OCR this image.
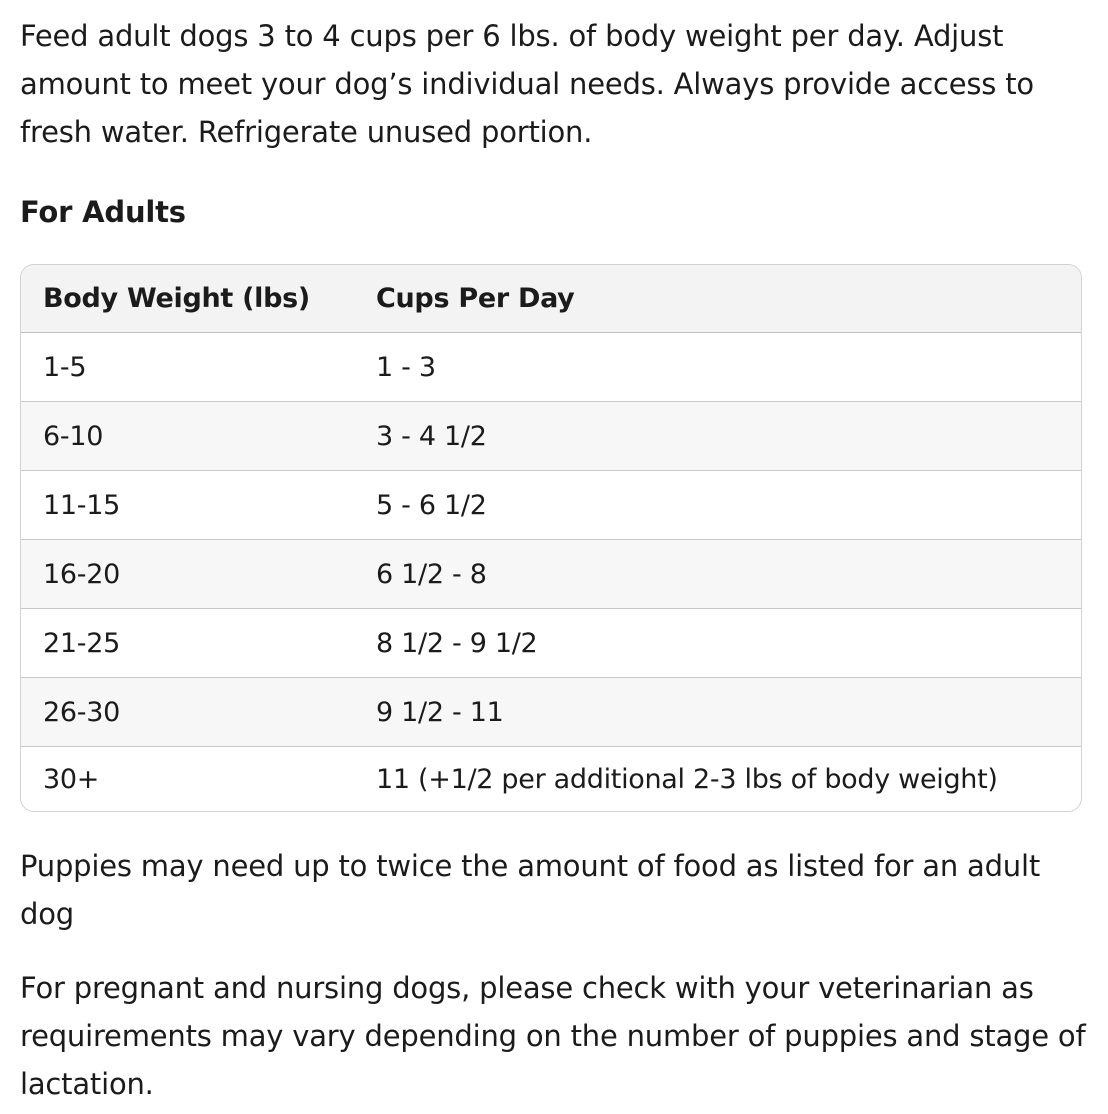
Feed adult dogs 3 to 4 cups per 6 lbs. of body weight per day. Adjust amount to meet your dog’s individual needs. Always provide access to fresh water. Refrigerate unused portion.

For Adults
Body Weight (lbs)	Cups Per Day
1-5	1 - 3
6-10	3 - 4 1/2
11-15	5 - 6 1/2
16-20	6 1/2 - 8
21-25	8 1/2 - 9 1/2
26-30	9 1/2 - 11
30+	11 (+1/2 per additional 2-3 lbs of body weight)

Puppies may need up to twice the amount of food as listed for an adult dog

For pregnant and nursing dogs, please check with your veterinarian as requirements may vary depending on the number of puppies and stage of lactation.
